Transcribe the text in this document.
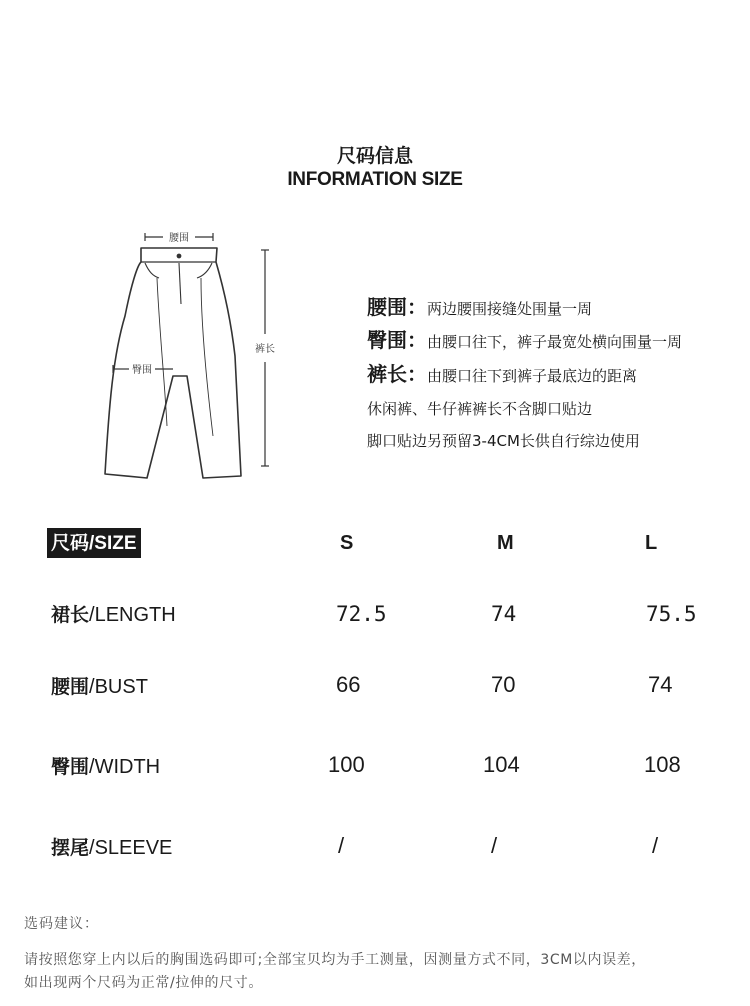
尺码信息
INFORMATION SIZE
腰围
臀围
裤长
腰围：两边腰围接缝处围量一周
臀围：由腰口往下，裤子最宽处横向围量一周
裤长：由腰口往下到裤子最底边的距离
休闲裤、牛仔裤裤长不含脚口贴边
脚口贴边另预留3-4CM长供自行综边使用
尺码/SIZE	S	M	L
裙长/LENGTH	72.5	74	75.5
腰围/BUST	66	70	74
臀围/WIDTH	100	104	108
摆尾/SLEEVE	/	/	/
选码建议：
请按照您穿上内以后的胸围选码即可;全部宝贝均为手工测量，因测量方式不同，3CM以内误差，
如出现两个尺码为正常/拉伸的尺寸。
